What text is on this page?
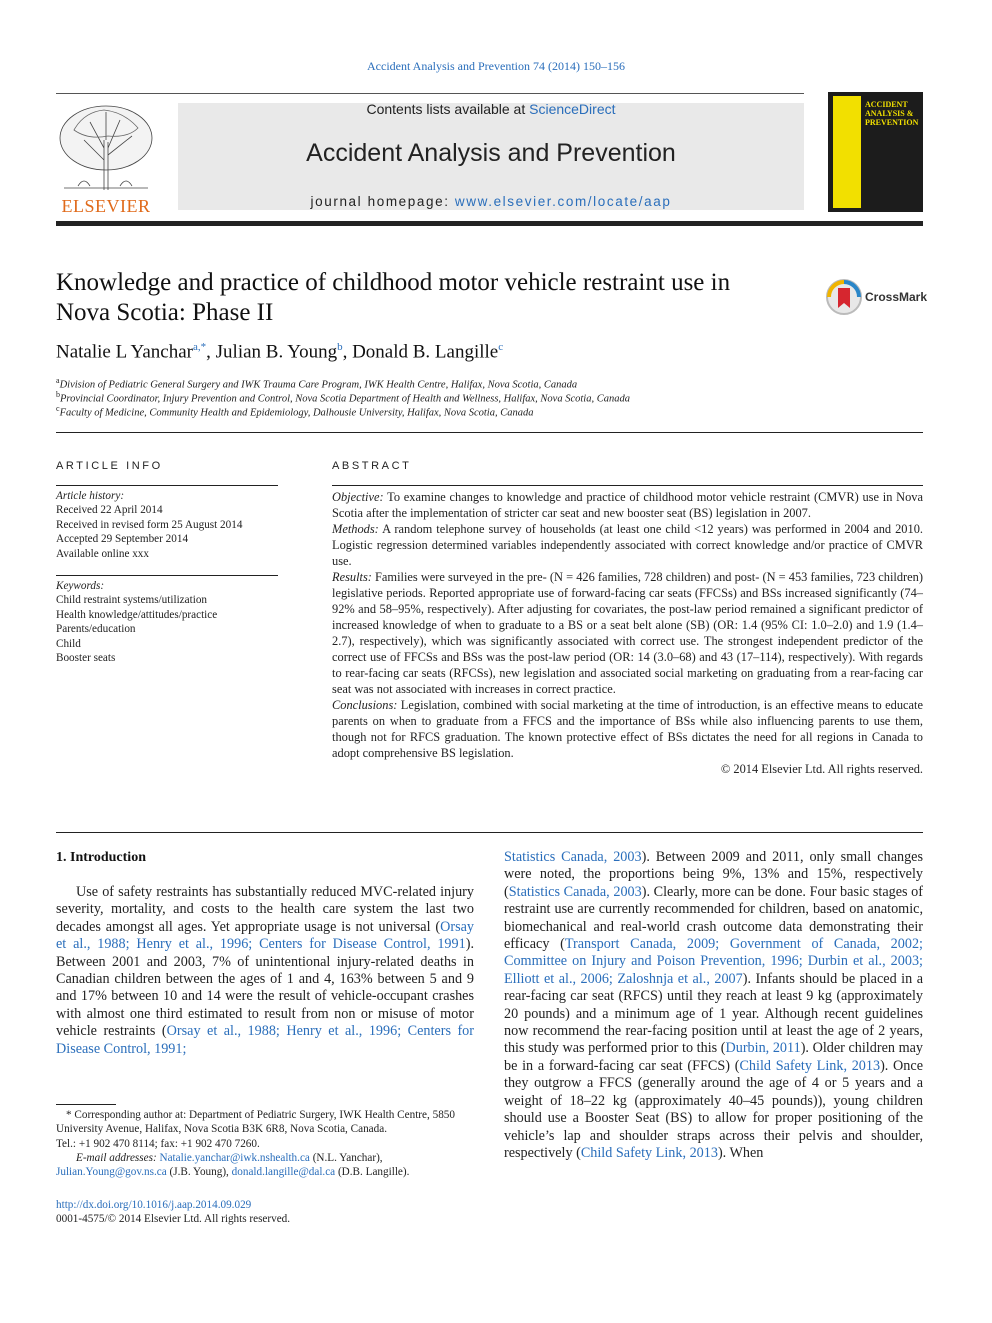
Accident Analysis and Prevention 74 (2014) 150–156
ELSEVIER
Contents lists available at ScienceDirect
Accident Analysis and Prevention
journal homepage: www.elsevier.com/locate/aap
ACCIDENT ANALYSIS & PREVENTION
Knowledge and practice of childhood motor vehicle restraint use in
Nova Scotia: Phase II
CrossMark
Natalie L Yanchar$^{a,*}$, Julian B. Young$^b$, Donald B. Langille$^c$
$^a$Division of Pediatric General Surgery and IWK Trauma Care Program, IWK Health Centre, Halifax, Nova Scotia, Canada
$^b$Provincial Coordinator, Injury Prevention and Control, Nova Scotia Department of Health and Wellness, Halifax, Nova Scotia, Canada
$^c$Faculty of Medicine, Community Health and Epidemiology, Dalhousie University, Halifax, Nova Scotia, Canada
ARTICLE INFO
Article history:
Received 22 April 2014
Received in revised form 25 August 2014
Accepted 29 September 2014
Available online xxx
Keywords:
Child restraint systems/utilization
Health knowledge/attitudes/practice
Parents/education
Child
Booster seats
ABSTRACT

Objective: To examine changes to knowledge and practice of childhood motor vehicle restraint (CMVR) use in Nova Scotia after the implementation of stricter car seat and new booster seat (BS) legislation in 2007.

Methods: A random telephone survey of households (at least one child <12 years) was performed in 2004 and 2010. Logistic regression determined variables independently associated with correct knowledge and/or practice of CMVR use.

Results: Families were surveyed in the pre- (N = 426 families, 728 children) and post- (N = 453 families, 723 children) legislative periods. Reported appropriate use of forward-facing car seats (FFCSs) and BSs increased significantly (74–92% and 58–95%, respectively). After adjusting for covariates, the post-law period remained a significant predictor of increased knowledge of when to graduate to a BS or a seat belt alone (SB) (OR: 1.4 (95% CI: 1.0–2.0) and 1.9 (1.4–2.7), respectively), which was significantly associated with correct use. The strongest independent predictor of the correct use of FFCSs and BSs was the post-law period (OR: 14 (3.0–68) and 43 (17–114), respectively). With regards to rear-facing car seats (RFCSs), new legislation and associated social marketing on graduating from a rear-facing car seat was not associated with increases in correct practice.

Conclusions: Legislation, combined with social marketing at the time of introduction, is an effective means to educate parents on when to graduate from a FFCS and the importance of BSs while also influencing parents to use them, though not for RFCS graduation. The known protective effect of BSs dictates the need for all regions in Canada to adopt comprehensive BS legislation.

© 2014 Elsevier Ltd. All rights reserved.

1. Introduction

Use of safety restraints has substantially reduced MVC-related injury severity, mortality, and costs to the health care system the last two decades amongst all ages. Yet appropriate usage is not universal (Orsay et al., 1988; Henry et al., 1996; Centers for Disease Control, 1991). Between 2001 and 2003, 7% of unintentional injury-related deaths in Canadian children between the ages of 1 and 4, 163% between 5 and 9 and 17% between 10 and 14 were the result of vehicle-occupant crashes with almost one third estimated to result from non or misuse of motor vehicle restraints (Orsay et al., 1988; Henry et al., 1996; Centers for Disease Control, 1991;

Statistics Canada, 2003). Between 2009 and 2011, only small changes were noted, the proportions being 9%, 13% and 15%, respectively (Statistics Canada, 2003). Clearly, more can be done. Four basic stages of restraint use are currently recommended for children, based on anatomic, biomechanical and real-world crash outcome data demonstrating their efficacy (Transport Canada, 2009; Government of Canada, 2002; Committee on Injury and Poison Prevention, 1996; Durbin et al., 2003; Elliott et al., 2006; Zaloshnja et al., 2007). Infants should be placed in a rear-facing car seat (RFCS) until they reach at least 9 kg (approximately 20 pounds) and a minimum age of 1 year. Although recent guidelines now recommend the rear-facing position until at least the age of 2 years, this study was performed prior to this (Durbin, 2011). Older children may be in a forward-facing car seat (FFCS) (Child Safety Link, 2013). Once they outgrow a FFCS (generally around the age of 4 or 5 years and a weight of 18–22 kg (approximately 40–45 pounds)), young children should use a Booster Seat (BS) to allow for proper positioning of the vehicle’s lap and shoulder straps across their pelvis and shoulder, respectively (Child Safety Link, 2013). When

* Corresponding author at: Department of Pediatric Surgery, IWK Health Centre, 5850 University Avenue, Halifax, Nova Scotia B3K 6R8, Nova Scotia, Canada.
Tel.: +1 902 470 8114; fax: +1 902 470 7260.
E-mail addresses: Natalie.yanchar@iwk.nshealth.ca (N.L. Yanchar),
Julian.Young@gov.ns.ca (J.B. Young), donald.langille@dal.ca (D.B. Langille).
http://dx.doi.org/10.1016/j.aap.2014.09.029
0001-4575/© 2014 Elsevier Ltd. All rights reserved.
